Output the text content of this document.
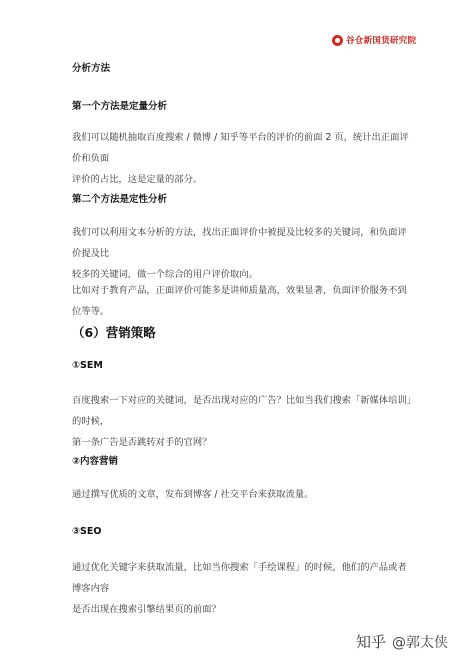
谷仓新国货研究院
分析方法
第一个方法是定量分析
我们可以随机抽取百度搜索 / 微博 / 知乎等平台的评价的前面 2 页，统计出正面评价和负面
评价的占比，这是定量的部分。
第二个方法是定性分析
我们可以利用文本分析的方法，找出正面评价中被提及比较多的关键词，和负面评价提及比
较多的关键词，做一个综合的用户评价取向。
比如对于教育产品，正面评价可能多是讲师质量高，效果显著，负面评价服务不到位等等。
（6）营销策略
①SEM
百度搜索一下对应的关键词，是否出现对应的广告？比如当我们搜索「新媒体培训」的时候，
第一条广告是否跳转对手的官网？
②内容营销
通过撰写优质的文章，发布到博客 / 社交平台来获取流量。
③SEO
通过优化关键字来获取流量，比如当你搜索「手绘课程」的时候，他们的产品或者博客内容
是否出现在搜索引擎结果页的前面？
知乎 @郭太侠
